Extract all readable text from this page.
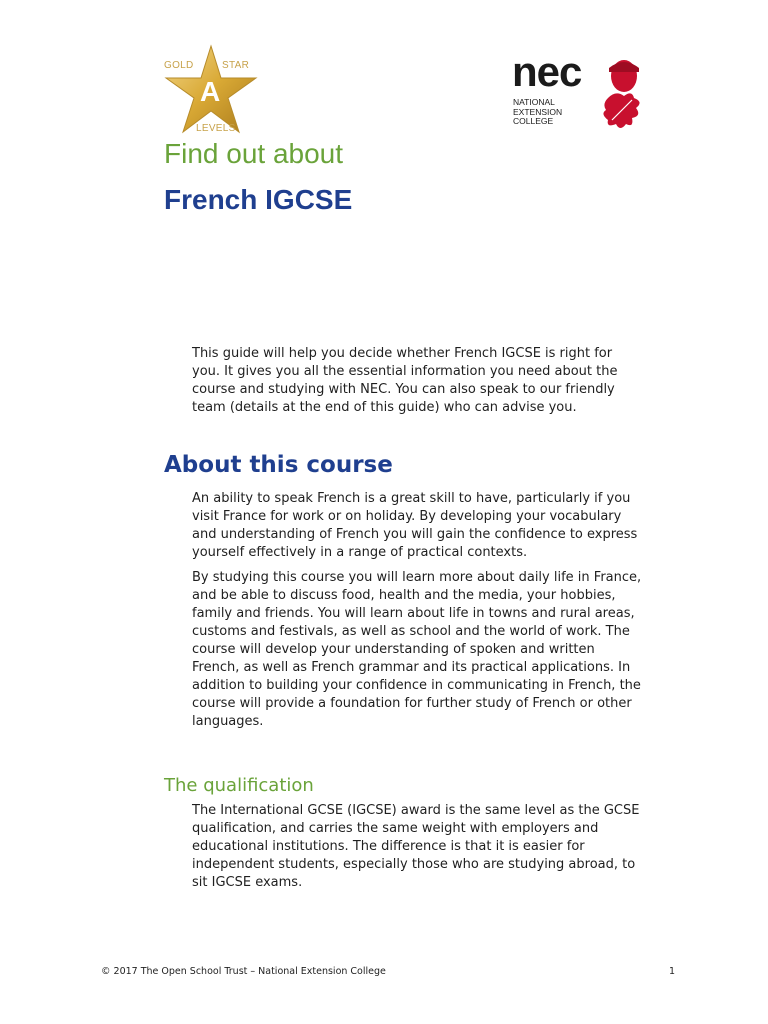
GOLD	STAR
A
LEVELS
nec
NATIONAL
EXTENSION
COLLEGE
Find out about
French IGCSE
This guide will help you decide whether French IGCSE is right for you. It gives you all the essential information you need about the course and studying with NEC. You can also speak to our friendly team (details at the end of this guide) who can advise you.
About this course
An ability to speak French is a great skill to have, particularly if you visit France for work or on holiday. By developing your vocabulary and understanding of French you will gain the confidence to express yourself effectively in a range of practical contexts.
By studying this course you will learn more about daily life in France, and be able to discuss food, health and the media, your hobbies, family and friends. You will learn about life in towns and rural areas, customs and festivals, as well as school and the world of work. The course will develop your understanding of spoken and written French, as well as French grammar and its practical applications. In addition to building your confidence in communicating in French, the course will provide a foundation for further study of French or other languages.
The qualification
The International GCSE (IGCSE) award is the same level as the GCSE qualification, and carries the same weight with employers and educational institutions. The difference is that it is easier for independent students, especially those who are studying abroad, to sit IGCSE exams.
© 2017 The Open School Trust – National Extension College	1
